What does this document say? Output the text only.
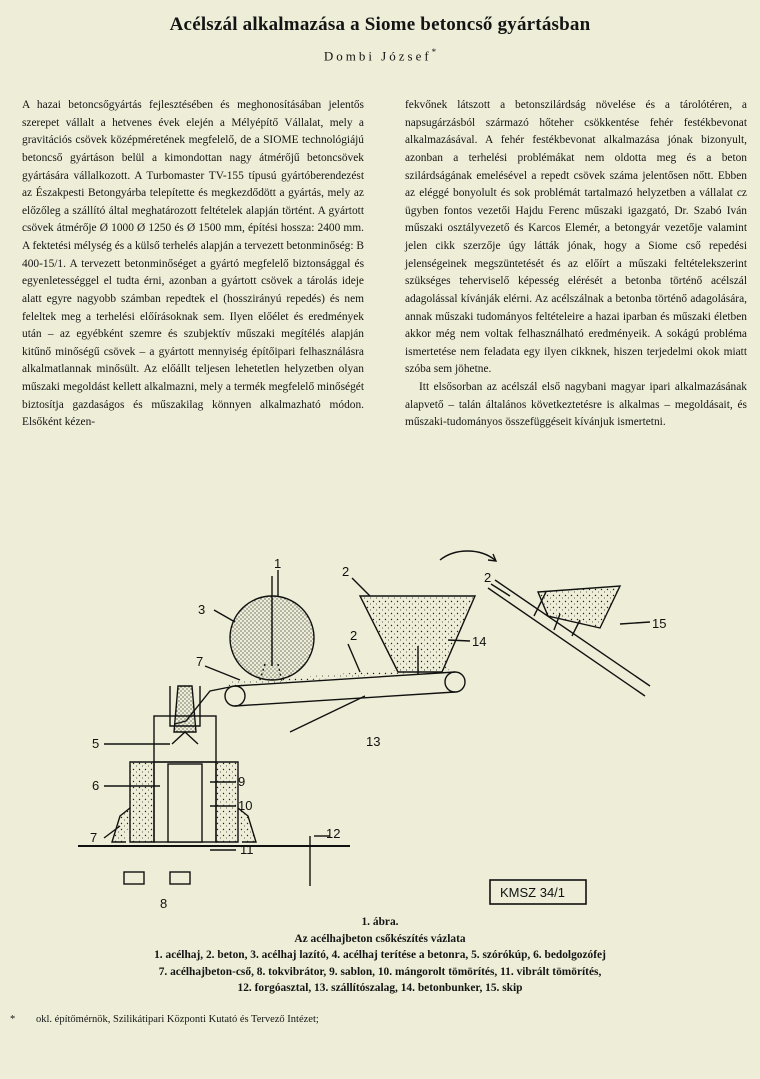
Acélszál alkalmazása a Siome betoncső gyártásban
Dombi József*

A hazai betoncsőgyártás fejlesztésében és meghonosításában jelentős szerepet vállalt a hetvenes évek elején a Mélyépítő Vállalat, mely a gravitációs csövek középméretének megfelelő, de a SIOME technológiájú betoncső gyártáson belül a kimondottan nagy átmérőjű betoncsövek gyártására vállalkozott. A Turbomaster TV-155 típusú gyártóberendezést az Északpesti Betongyárba telepítette és megkezdődött a gyártás, mely az előzőleg a szállító által meghatározott feltételek alapján történt. A gyártott csövek átmérője Ø 1000 Ø 1250 és Ø 1500 mm, építési hossza: 2400 mm. A fektetési mélység és a külső terhelés alapján a tervezett betonminőség: B 400-15/1. A tervezett betonminőséget a gyártó megfelelő biztonsággal és egyenletességgel el tudta érni, azonban a gyártott csövek a tárolás ideje alatt egyre nagyobb számban repedtek el (hosszirányú repedés) és nem feleltek meg a terhelési előírásoknak sem. Ilyen előélet és eredmények után – az egyébként szemre és szubjektív műszaki megítélés alapján kitűnő minőségű csövek – a gyártott mennyiség építőipari felhasználásra alkalmatlannak minősült. Az előállt teljesen lehetetlen helyzetben olyan műszaki megoldást kellett alkalmazni, mely a termék megfelelő minőségét biztosítja gazdaságos és műszakilag könnyen alkalmazható módon. Elsőként kézen-

fekvőnek látszott a betonszilárdság növelése és a tárolótéren, a napsugárzásból származó hőteher csökkentése fehér festékbevonat alkalmazásával. A fehér festékbevonat alkalmazása jónak bizonyult, azonban a terhelési problémákat nem oldotta meg és a beton szilárdságának emelésével a repedt csövek száma jelentősen nőtt. Ebben az eléggé bonyolult és sok problémát tartalmazó helyzetben a vállalat cz ügyben fontos vezetői Hajdu Ferenc műszaki igazgató, Dr. Szabó Iván műszaki osztályvezető és Karcos Elemér, a betongyár vezetője valamint jelen cikk szerzője úgy látták jónak, hogy a Siome cső repedési jelenségeinek megszüntetését és az előírt a műszaki feltételekszerint szükséges teherviselő képesség elérését a betonba történő acélszál adagolással kívánják elérni. Az acélszálnak a betonba történő adagolására, annak műszaki tudományos feltételeire a hazai iparban és műszaki életben akkor még nem voltak felhasználható eredményeik. A sokágú probléma ismertetése nem feladata egy ilyen cikknek, hiszen terjedelmi okok miatt szóba sem jöhetne.

Itt elsősorban az acélszál első nagybani magyar ipari alkalmazásának alapvető – talán általános következtetésre is alkalmas – megoldásait, és műszaki-tudományos összefüggéseit kívánjuk ismertetni.

1
2
2
2
3
5
6
7
7
8
9
10
11
12
13
14
15
KMSZ 34/1
1. ábra.
Az acélhajbeton csőkészítés vázlata
1. acélhaj, 2. beton, 3. acélhaj lazító, 4. acélhaj terítése a betonra, 5. szórókúp, 6. bedolgozófej
7. acélhajbeton-cső, 8. tokvibrátor, 9. sablon, 10. mángorolt tömörítés, 11. vibrált tömörítés,
12. forgóasztal, 13. szállítószalag, 14. betonbunker, 15. skip
* okl. építőmérnök, Szilikátipari Központi Kutató és Tervező Intézet;
